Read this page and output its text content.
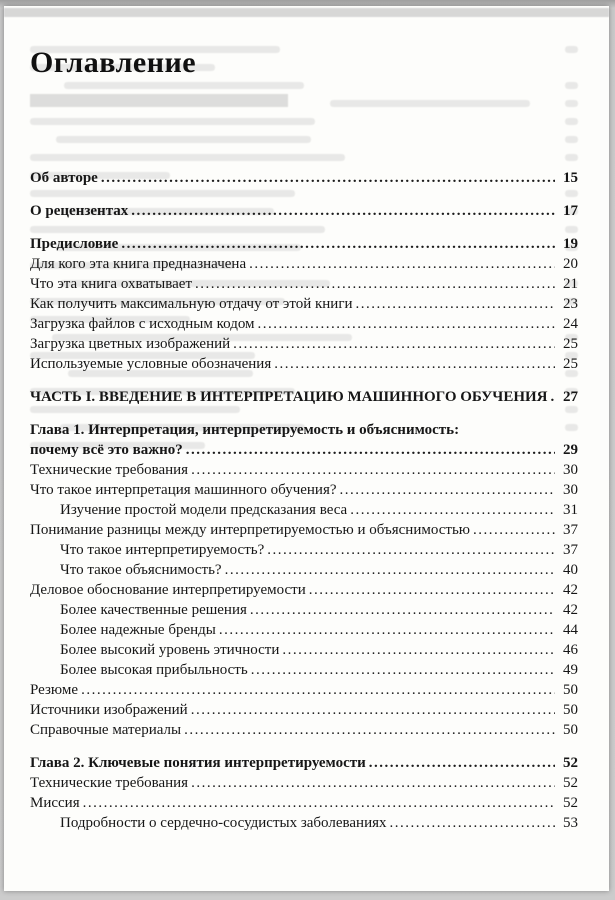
Оглавление
Об авторе .....	15
О рецензентах .....	17
Предисловие .....	19
Для кого эта книга предназначена .....	20
Что эта книга охватывает .....	21
Как получить максимальную отдачу от этой книги .....	23
Загрузка файлов с исходным кодом .....	24
Загрузка цветных изображений .....	25
Используемые условные обозначения .....	25
ЧАСТЬ I. ВВЕДЕНИЕ В ИНТЕРПРЕТАЦИЮ МАШИННОГО ОБУЧЕНИЯ .....	27
Глава 1. Интерпретация, интерпретируемость и объяснимость:
почему всё это важно? .....	29
Технические требования .....	30
Что такое интерпретация машинного обучения? .....	30
Изучение простой модели предсказания веса .....	31
Понимание разницы между интерпретируемостью и объяснимостью .....	37
Что такое интерпретируемость? .....	37
Что такое объяснимость? .....	40
Деловое обоснование интерпретируемости .....	42
Более качественные решения .....	42
Более надежные бренды .....	44
Более высокий уровень этичности .....	46
Более высокая прибыльность .....	49
Резюме .....	50
Источники изображений .....	50
Справочные материалы .....	50
Глава 2. Ключевые понятия интерпретируемости .....	52
Технические требования .....	52
Миссия .....	52
Подробности о сердечно-сосудистых заболеваниях .....	53
